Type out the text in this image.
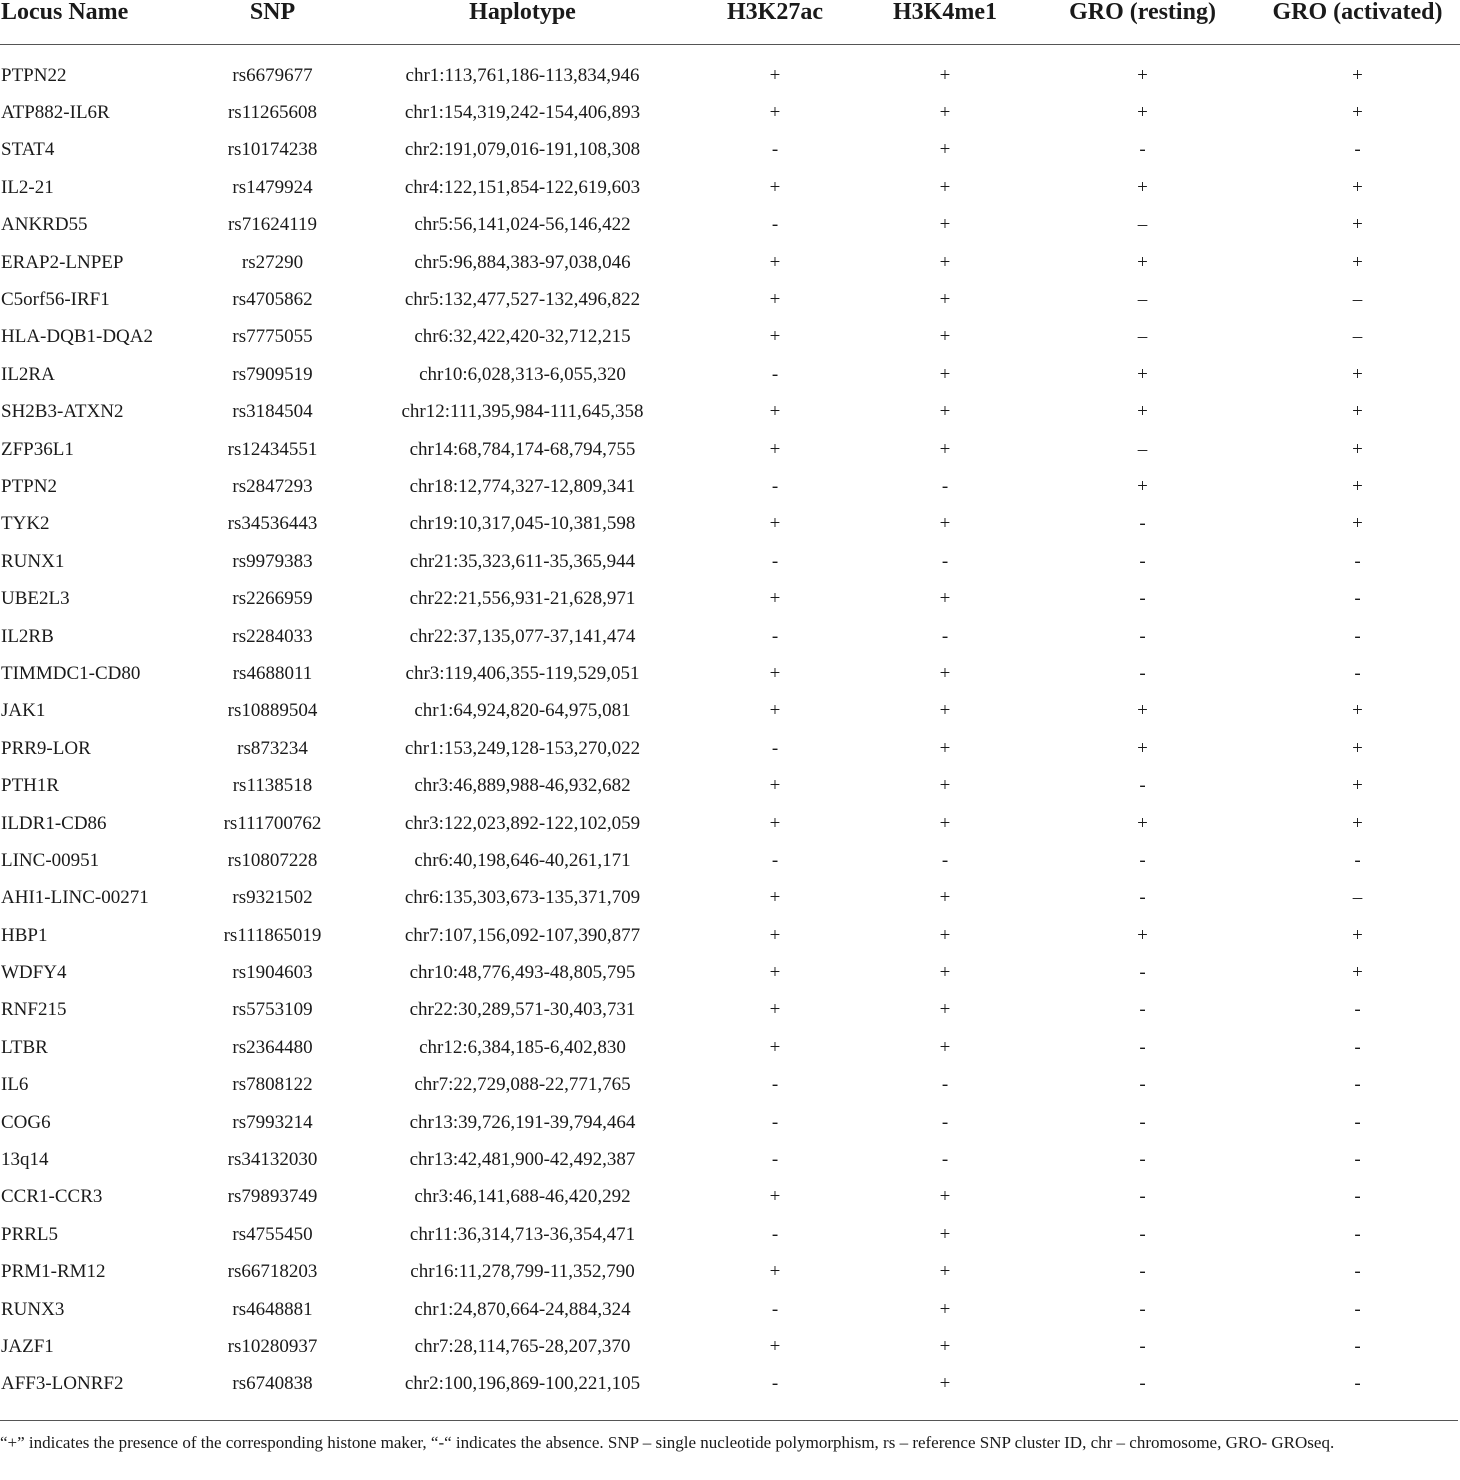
Locus Name	SNP	Haplotype	H3K27ac	H3K4me1	GRO (resting)	GRO (activated)

PTPN22	rs6679677	chr1:113,761,186-113,834,946	+	+	+	+
ATP882-IL6R	rs11265608	chr1:154,319,242-154,406,893	+	+	+	+
STAT4	rs10174238	chr2:191,079,016-191,108,308	-	+	-	-
IL2-21	rs1479924	chr4:122,151,854-122,619,603	+	+	+	+
ANKRD55	rs71624119	chr5:56,141,024-56,146,422	-	+	–	+
ERAP2-LNPEP	rs27290	chr5:96,884,383-97,038,046	+	+	+	+
C5orf56-IRF1	rs4705862	chr5:132,477,527-132,496,822	+	+	–	–
HLA-DQB1-DQA2	rs7775055	chr6:32,422,420-32,712,215	+	+	–	–
IL2RA	rs7909519	chr10:6,028,313-6,055,320	-	+	+	+
SH2B3-ATXN2	rs3184504	chr12:111,395,984-111,645,358	+	+	+	+
ZFP36L1	rs12434551	chr14:68,784,174-68,794,755	+	+	–	+
PTPN2	rs2847293	chr18:12,774,327-12,809,341	-	-	+	+
TYK2	rs34536443	chr19:10,317,045-10,381,598	+	+	-	+
RUNX1	rs9979383	chr21:35,323,611-35,365,944	-	-	-	-
UBE2L3	rs2266959	chr22:21,556,931-21,628,971	+	+	-	-
IL2RB	rs2284033	chr22:37,135,077-37,141,474	-	-	-	-
TIMMDC1-CD80	rs4688011	chr3:119,406,355-119,529,051	+	+	-	-
JAK1	rs10889504	chr1:64,924,820-64,975,081	+	+	+	+
PRR9-LOR	rs873234	chr1:153,249,128-153,270,022	-	+	+	+
PTH1R	rs1138518	chr3:46,889,988-46,932,682	+	+	-	+
ILDR1-CD86	rs111700762	chr3:122,023,892-122,102,059	+	+	+	+
LINC-00951	rs10807228	chr6:40,198,646-40,261,171	-	-	-	-
AHI1-LINC-00271	rs9321502	chr6:135,303,673-135,371,709	+	+	-	–
HBP1	rs111865019	chr7:107,156,092-107,390,877	+	+	+	+
WDFY4	rs1904603	chr10:48,776,493-48,805,795	+	+	-	+
RNF215	rs5753109	chr22:30,289,571-30,403,731	+	+	-	-
LTBR	rs2364480	chr12:6,384,185-6,402,830	+	+	-	-
IL6	rs7808122	chr7:22,729,088-22,771,765	-	-	-	-
COG6	rs7993214	chr13:39,726,191-39,794,464	-	-	-	-
13q14	rs34132030	chr13:42,481,900-42,492,387	-	-	-	-
CCR1-CCR3	rs79893749	chr3:46,141,688-46,420,292	+	+	-	-
PRRL5	rs4755450	chr11:36,314,713-36,354,471	-	+	-	-
PRM1-RM12	rs66718203	chr16:11,278,799-11,352,790	+	+	-	-
RUNX3	rs4648881	chr1:24,870,664-24,884,324	-	+	-	-
JAZF1	rs10280937	chr7:28,114,765-28,207,370	+	+	-	-
AFF3-LONRF2	rs6740838	chr2:100,196,869-100,221,105	-	+	-	-
“+” indicates the presence of the corresponding histone maker, “-“ indicates the absence. SNP – single nucleotide polymorphism, rs – reference SNP cluster ID, chr – chromosome, GRO- GROseq.
